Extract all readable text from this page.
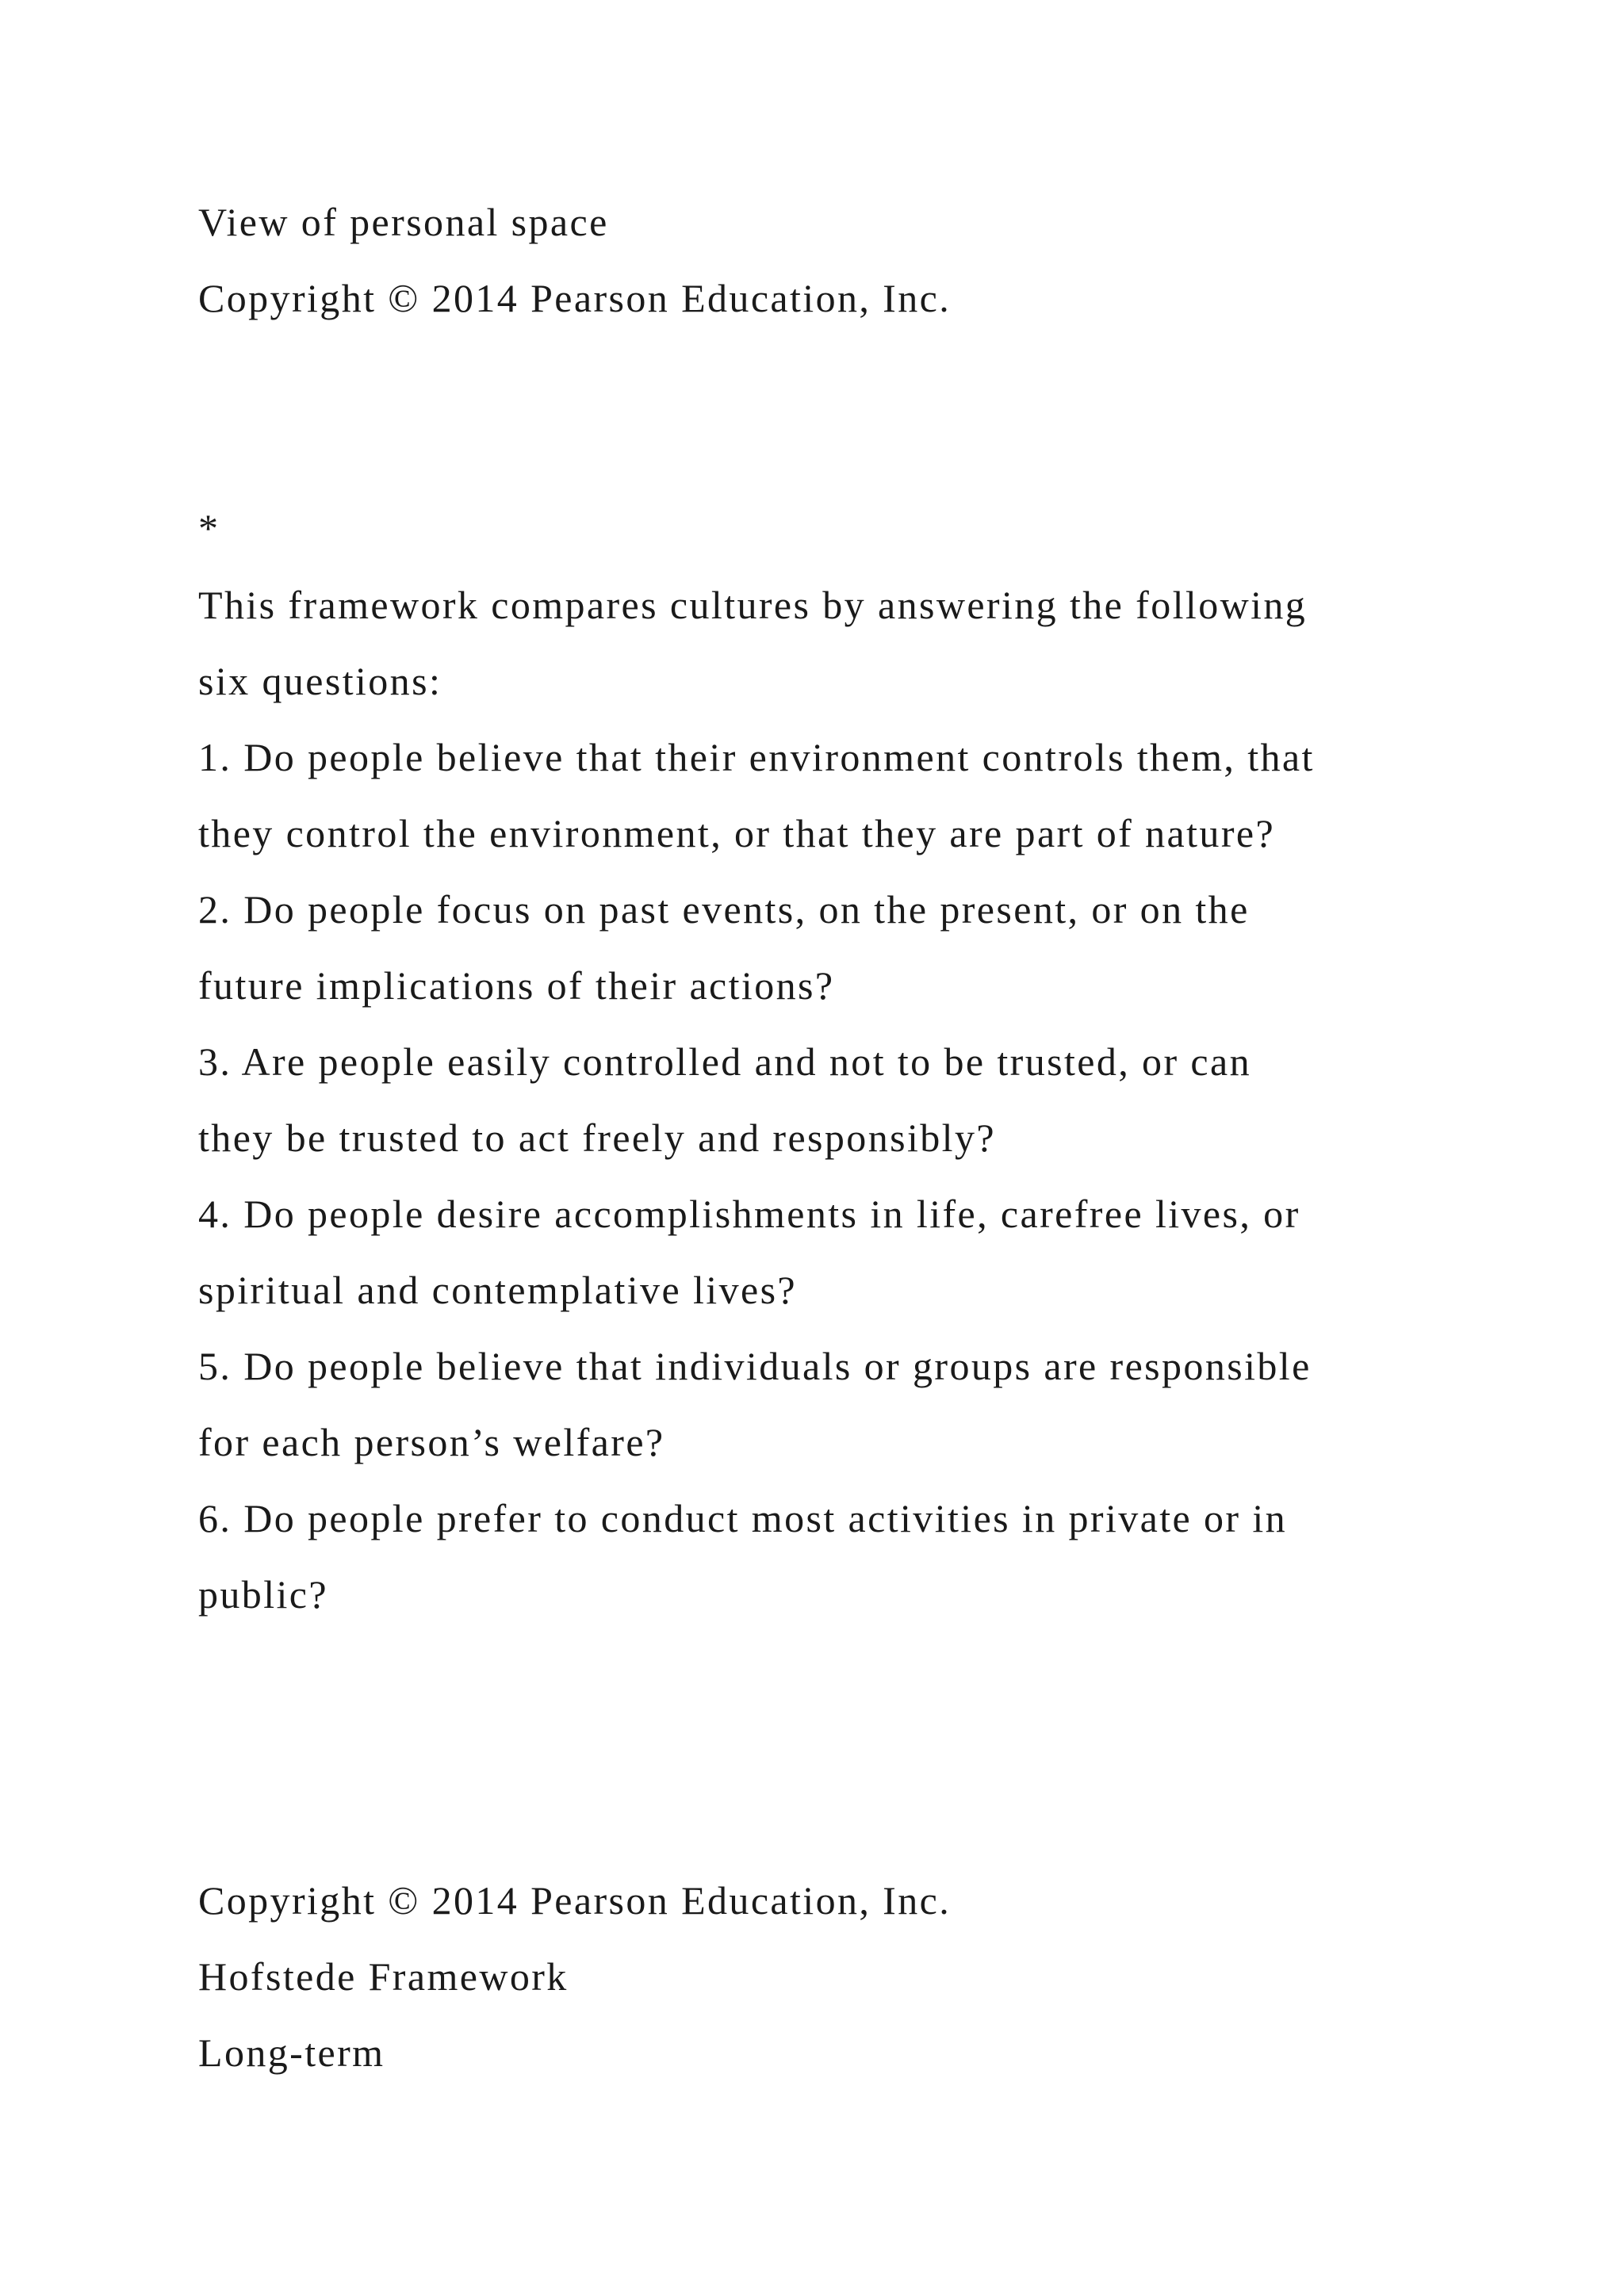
View of personal space
Copyright © 2014 Pearson Education, Inc.
*
This framework compares cultures by answering the following
six questions:
1. Do people believe that their environment controls them, that
they control the environment, or that they are part of nature?
2. Do people focus on past events, on the present, or on the
future implications of their actions?
3. Are people easily controlled and not to be trusted, or can
they be trusted to act freely and responsibly?
4. Do people desire accomplishments in life, carefree lives, or
spiritual and contemplative lives?
5. Do people believe that individuals or groups are responsible
for each person’s welfare?
6. Do people prefer to conduct most activities in private or in
public?
Copyright © 2014 Pearson Education, Inc.
Hofstede Framework
Long-term
